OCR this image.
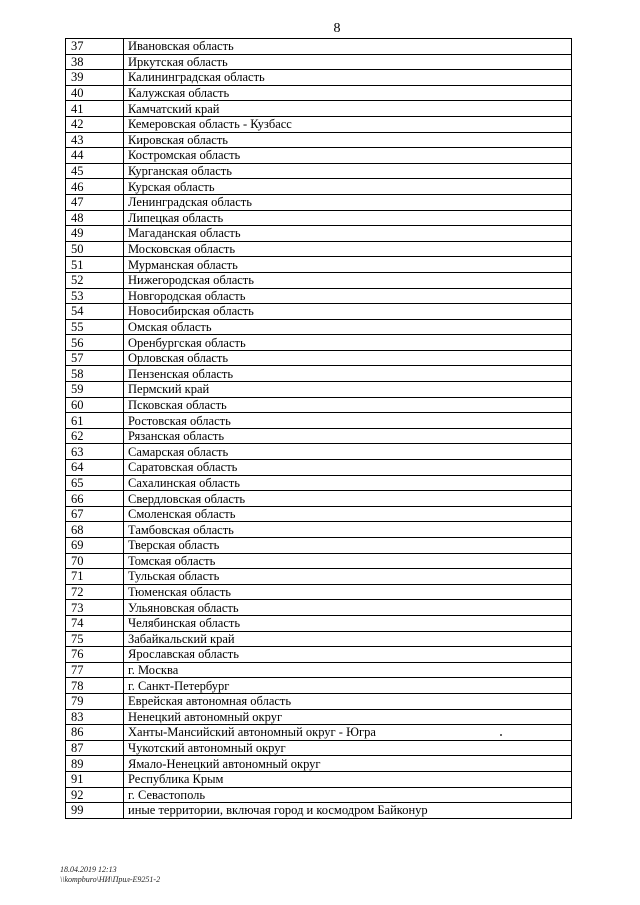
8
37	Ивановская область
38	Иркутская область
39	Калининградская область
40	Калужская область
41	Камчатский край
42	Кемеровская область - Кузбасс
43	Кировская область
44	Костромская область
45	Курганская область
46	Курская область
47	Ленинградская область
48	Липецкая область
49	Магаданская область
50	Московская область
51	Мурманская область
52	Нижегородская область
53	Новгородская область
54	Новосибирская область
55	Омская область
56	Оренбургская область
57	Орловская область
58	Пензенская область
59	Пермский край
60	Псковская область
61	Ростовская область
62	Рязанская область
63	Самарская область
64	Саратовская область
65	Сахалинская область
66	Свердловская область
67	Смоленская область
68	Тамбовская область
69	Тверская область
70	Томская область
71	Тульская область
72	Тюменская область
73	Ульяновская область
74	Челябинская область
75	Забайкальский край
76	Ярославская область
77	г. Москва
78	г. Санкт-Петербург
79	Еврейская автономная область
83	Ненецкий автономный округ
86	Ханты-Мансийский автономный округ - Югра
87	Чукотский автономный округ
89	Ямало-Ненецкий автономный округ
91	Республика Крым
92	г. Севастополь
99	иные территории, включая город и космодром Байконур
18.04.2019 12:13
\\kompburo\НИ\Прил-Е9251-2
